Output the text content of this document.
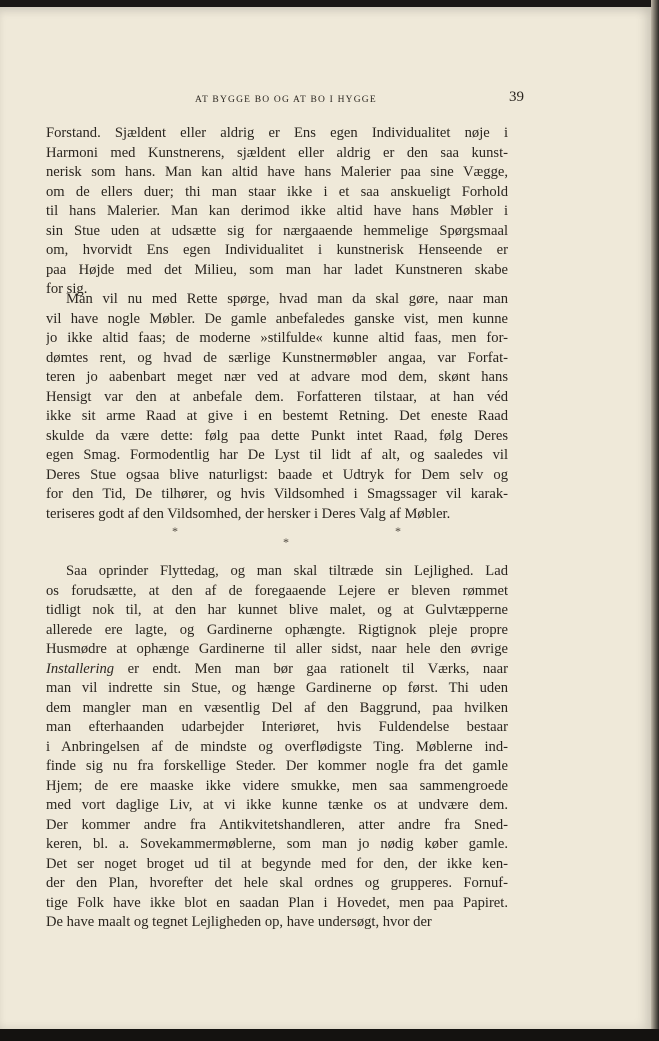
AT BYGGE BO OG AT BO I HYGGE	39
Forstand. Sjældent eller aldrig er Ens egen Individualitet nøje i
Harmoni med Kunstnerens, sjældent eller aldrig er den saa kunst-
nerisk som hans. Man kan altid have hans Malerier paa sine Vægge,
om de ellers duer; thi man staar ikke i et saa anskueligt Forhold
til hans Malerier. Man kan derimod ikke altid have hans Møbler i
sin Stue uden at udsætte sig for nærgaaende hemmelige Spørgsmaal
om, hvorvidt Ens egen Individualitet i kunstnerisk Henseende er
paa Højde med det Milieu, som man har ladet Kunstneren skabe
for sig.
Man vil nu med Rette spørge, hvad man da skal gøre, naar man
vil have nogle Møbler. De gamle anbefaledes ganske vist, men kunne
jo ikke altid faas; de moderne »stilfulde« kunne altid faas, men for-
dømtes rent, og hvad de særlige Kunstnermøbler angaa, var Forfat-
teren jo aabenbart meget nær ved at advare mod dem, skønt hans
Hensigt var den at anbefale dem. Forfatteren tilstaar, at han véd
ikke sit arme Raad at give i en bestemt Retning. Det eneste Raad
skulde da være dette: følg paa dette Punkt intet Raad, følg Deres
egen Smag. Formodentlig har De Lyst til lidt af alt, og saaledes vil
Deres Stue ogsaa blive naturligst: baade et Udtryk for Dem selv og
for den Tid, De tilhører, og hvis Vildsomhed i Smagssager vil karak-
teriseres godt af den Vildsomhed, der hersker i Deres Valg af Møbler.
*
*
*
Saa oprinder Flyttedag, og man skal tiltræde sin Lejlighed. Lad
os forudsætte, at den af de foregaaende Lejere er bleven rømmet
tidligt nok til, at den har kunnet blive malet, og at Gulvtæpperne
allerede ere lagte, og Gardinerne ophængte. Rigtignok pleje propre
Husmødre at ophænge Gardinerne til aller sidst, naar hele den øvrige
Installering er endt. Men man bør gaa rationelt til Værks, naar
man vil indrette sin Stue, og hænge Gardinerne op først. Thi uden
dem mangler man en væsentlig Del af den Baggrund, paa hvilken
man efterhaanden udarbejder Interiøret, hvis Fuldendelse bestaar
i Anbringelsen af de mindste og overflødigste Ting. Møblerne ind-
finde sig nu fra forskellige Steder. Der kommer nogle fra det gamle
Hjem; de ere maaske ikke videre smukke, men saa sammengroede
med vort daglige Liv, at vi ikke kunne tænke os at undvære dem.
Der kommer andre fra Antikvitetshandleren, atter andre fra Sned-
keren, bl. a. Sovekammermøblerne, som man jo nødig køber gamle.
Det ser noget broget ud til at begynde med for den, der ikke ken-
der den Plan, hvorefter det hele skal ordnes og grupperes. Fornuf-
tige Folk have ikke blot en saadan Plan i Hovedet, men paa Papiret.
De have maalt og tegnet Lejligheden op, have undersøgt, hvor der
